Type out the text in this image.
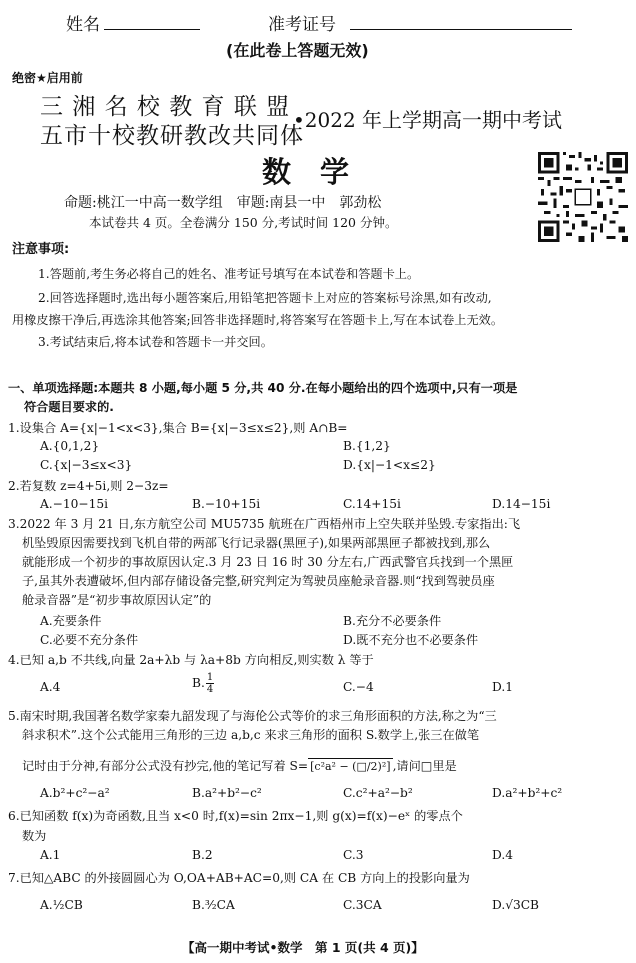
姓名	准考证号
(在此卷上答题无效)
绝密★启用前
三 湘 名 校 教 育 联 盟
五市十校教研教改共同体
•2022 年上学期高一期中考试
数　学
命题:桃江一中高一数学组　审题:南县一中　郭劲松
本试卷共 4 页。全卷满分 150 分,考试时间 120 分钟。
注意事项:
1.答题前,考生务必将自己的姓名、准考证号填写在本试卷和答题卡上。
2.回答选择题时,选出每小题答案后,用铅笔把答题卡上对应的答案标号涂黑,如有改动,
用橡皮擦干净后,再选涂其他答案;回答非选择题时,将答案写在答题卡上,写在本试卷上无效。
3.考试结束后,将本试卷和答题卡一并交回。
一、单项选择题:本题共 8 小题,每小题 5 分,共 40 分.在每小题给出的四个选项中,只有一项是
符合题目要求的.
1.设集合 A={x|−1<x<3},集合 B={x|−3≤x≤2},则 A∩B=
A.{0,1,2}	B.{1,2}
C.{x|−3≤x<3}	D.{x|−1<x≤2}
2.若复数 z=4+5i,则 2−3z=
A.−10−15i	B.−10+15i	C.14+15i	D.14−15i
3.2022 年 3 月 21 日,东方航空公司 MU5735 航班在广西梧州市上空失联并坠毁.专家指出:飞
机坠毁原因需要找到飞机自带的两部飞行记录器(黑匣子),如果两部黑匣子都被找到,那么
就能形成一个初步的事故原因认定.3 月 23 日 16 时 30 分左右,广西武警官兵找到一个黑匣
子,虽其外表遭破坏,但内部存储设备完整,研究判定为驾驶员座舱录音器.则“找到驾驶员座
舱录音器”是“初步事故原因认定”的
A.充要条件	B.充分不必要条件
C.必要不充分条件	D.既不充分也不必要条件
4.已知 a,b 不共线,向量 2a+λb 与 λa+8b 方向相反,则实数 λ 等于
A.4	B. $\frac{1}{4}$	C.−4	D.1
5.南宋时期,我国著名数学家秦九韶发现了与海伦公式等价的求三角形面积的方法,称之为“三
斜求积术”.这个公式能用三角形的三边 a,b,c 来求三角形的面积 S.数学上,张三在做笔
记时由于分神,有部分公式没有抄完,他的笔记写着 S= [c²a² − (□/2)²] ,请问□里是
A.b²+c²−a²	B.a²+b²−c²	C.c²+a²−b²	D.a²+b²+c²
6.已知函数 f(x)为奇函数,且当 x<0 时,f(x)=sin 2πx−1,则 g(x)=f(x)−eˣ 的零点个
数为
A.1	B.2	C.3	D.4
7.已知△ABC 的外接圆圆心为 O,OA+AB+AC=0,则 CA 在 CB 方向上的投影向量为
A.½CB	B.³⁄₂CA	C.3CA	D.√3CB
【高一期中考试•数学　第 1 页(共 4 页)】
